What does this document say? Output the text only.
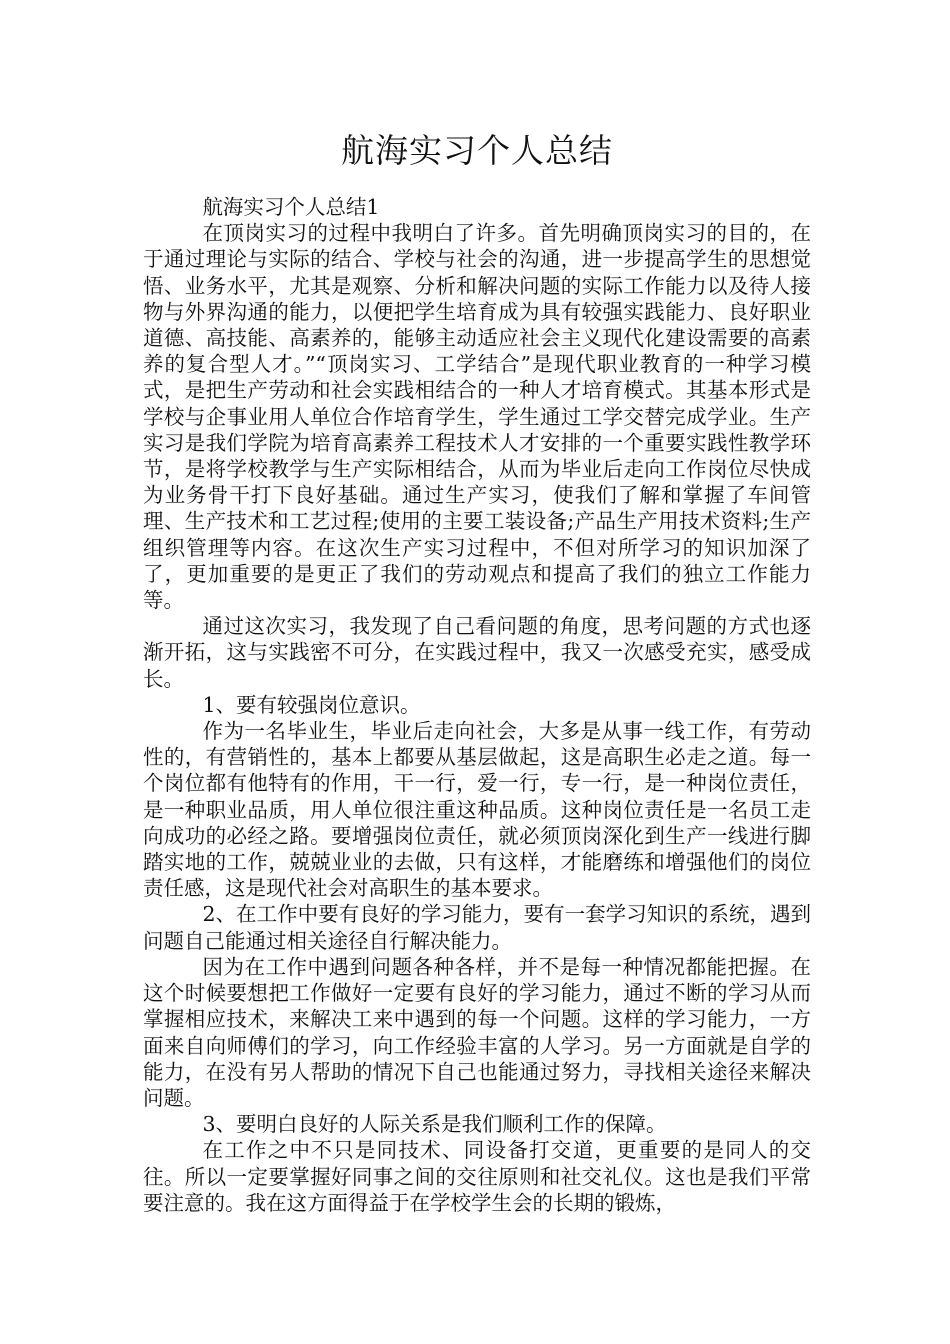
航海实习个人总结

航海实习个人总结1

在顶岗实习的过程中我明白了许多。首先明确顶岗实习的目的，在于通过理论与实际的结合、学校与社会的沟通，进一步提高学生的思想觉悟、业务水平，尤其是观察、分析和解决问题的实际工作能力以及待人接物与外界沟通的能力，以便把学生培育成为具有较强实践能力、良好职业道德、高技能、高素养的，能够主动适应社会主义现代化建设需要的高素养的复合型人才。”“顶岗实习、工学结合”是现代职业教育的一种学习模式，是把生产劳动和社会实践相结合的一种人才培育模式。其基本形式是学校与企事业用人单位合作培育学生，学生通过工学交替完成学业。生产实习是我们学院为培育高素养工程技术人才安排的一个重要实践性教学环节，是将学校教学与生产实际相结合，从而为毕业后走向工作岗位尽快成为业务骨干打下良好基础。通过生产实习，使我们了解和掌握了车间管理、生产技术和工艺过程;使用的主要工装设备;产品生产用技术资料;生产组织管理等内容。在这次生产实习过程中，不但对所学习的知识加深了了，更加重要的是更正了我们的劳动观点和提高了我们的独立工作能力等。

通过这次实习，我发现了自己看问题的角度，思考问题的方式也逐渐开拓，这与实践密不可分，在实践过程中，我又一次感受充实，感受成长。

1、要有较强岗位意识。

作为一名毕业生，毕业后走向社会，大多是从事一线工作，有劳动性的，有营销性的，基本上都要从基层做起，这是高职生必走之道。每一个岗位都有他特有的作用，干一行，爱一行，专一行，是一种岗位责任，是一种职业品质，用人单位很注重这种品质。这种岗位责任是一名员工走向成功的必经之路。要增强岗位责任，就必须顶岗深化到生产一线进行脚踏实地的工作，兢兢业业的去做，只有这样，才能磨练和增强他们的岗位责任感，这是现代社会对高职生的基本要求。

2、在工作中要有良好的学习能力，要有一套学习知识的系统，遇到问题自己能通过相关途径自行解决能力。

因为在工作中遇到问题各种各样，并不是每一种情况都能把握。在这个时候要想把工作做好一定要有良好的学习能力，通过不断的学习从而掌握相应技术，来解决工来中遇到的每一个问题。这样的学习能力，一方面来自向师傅们的学习，向工作经验丰富的人学习。另一方面就是自学的能力，在没有另人帮助的情况下自己也能通过努力，寻找相关途径来解决问题。

3、要明白良好的人际关系是我们顺利工作的保障。

在工作之中不只是同技术、同设备打交道，更重要的是同人的交往。所以一定要掌握好同事之间的交往原则和社交礼仪。这也是我们平常要注意的。我在这方面得益于在学校学生会的长期的锻炼，
